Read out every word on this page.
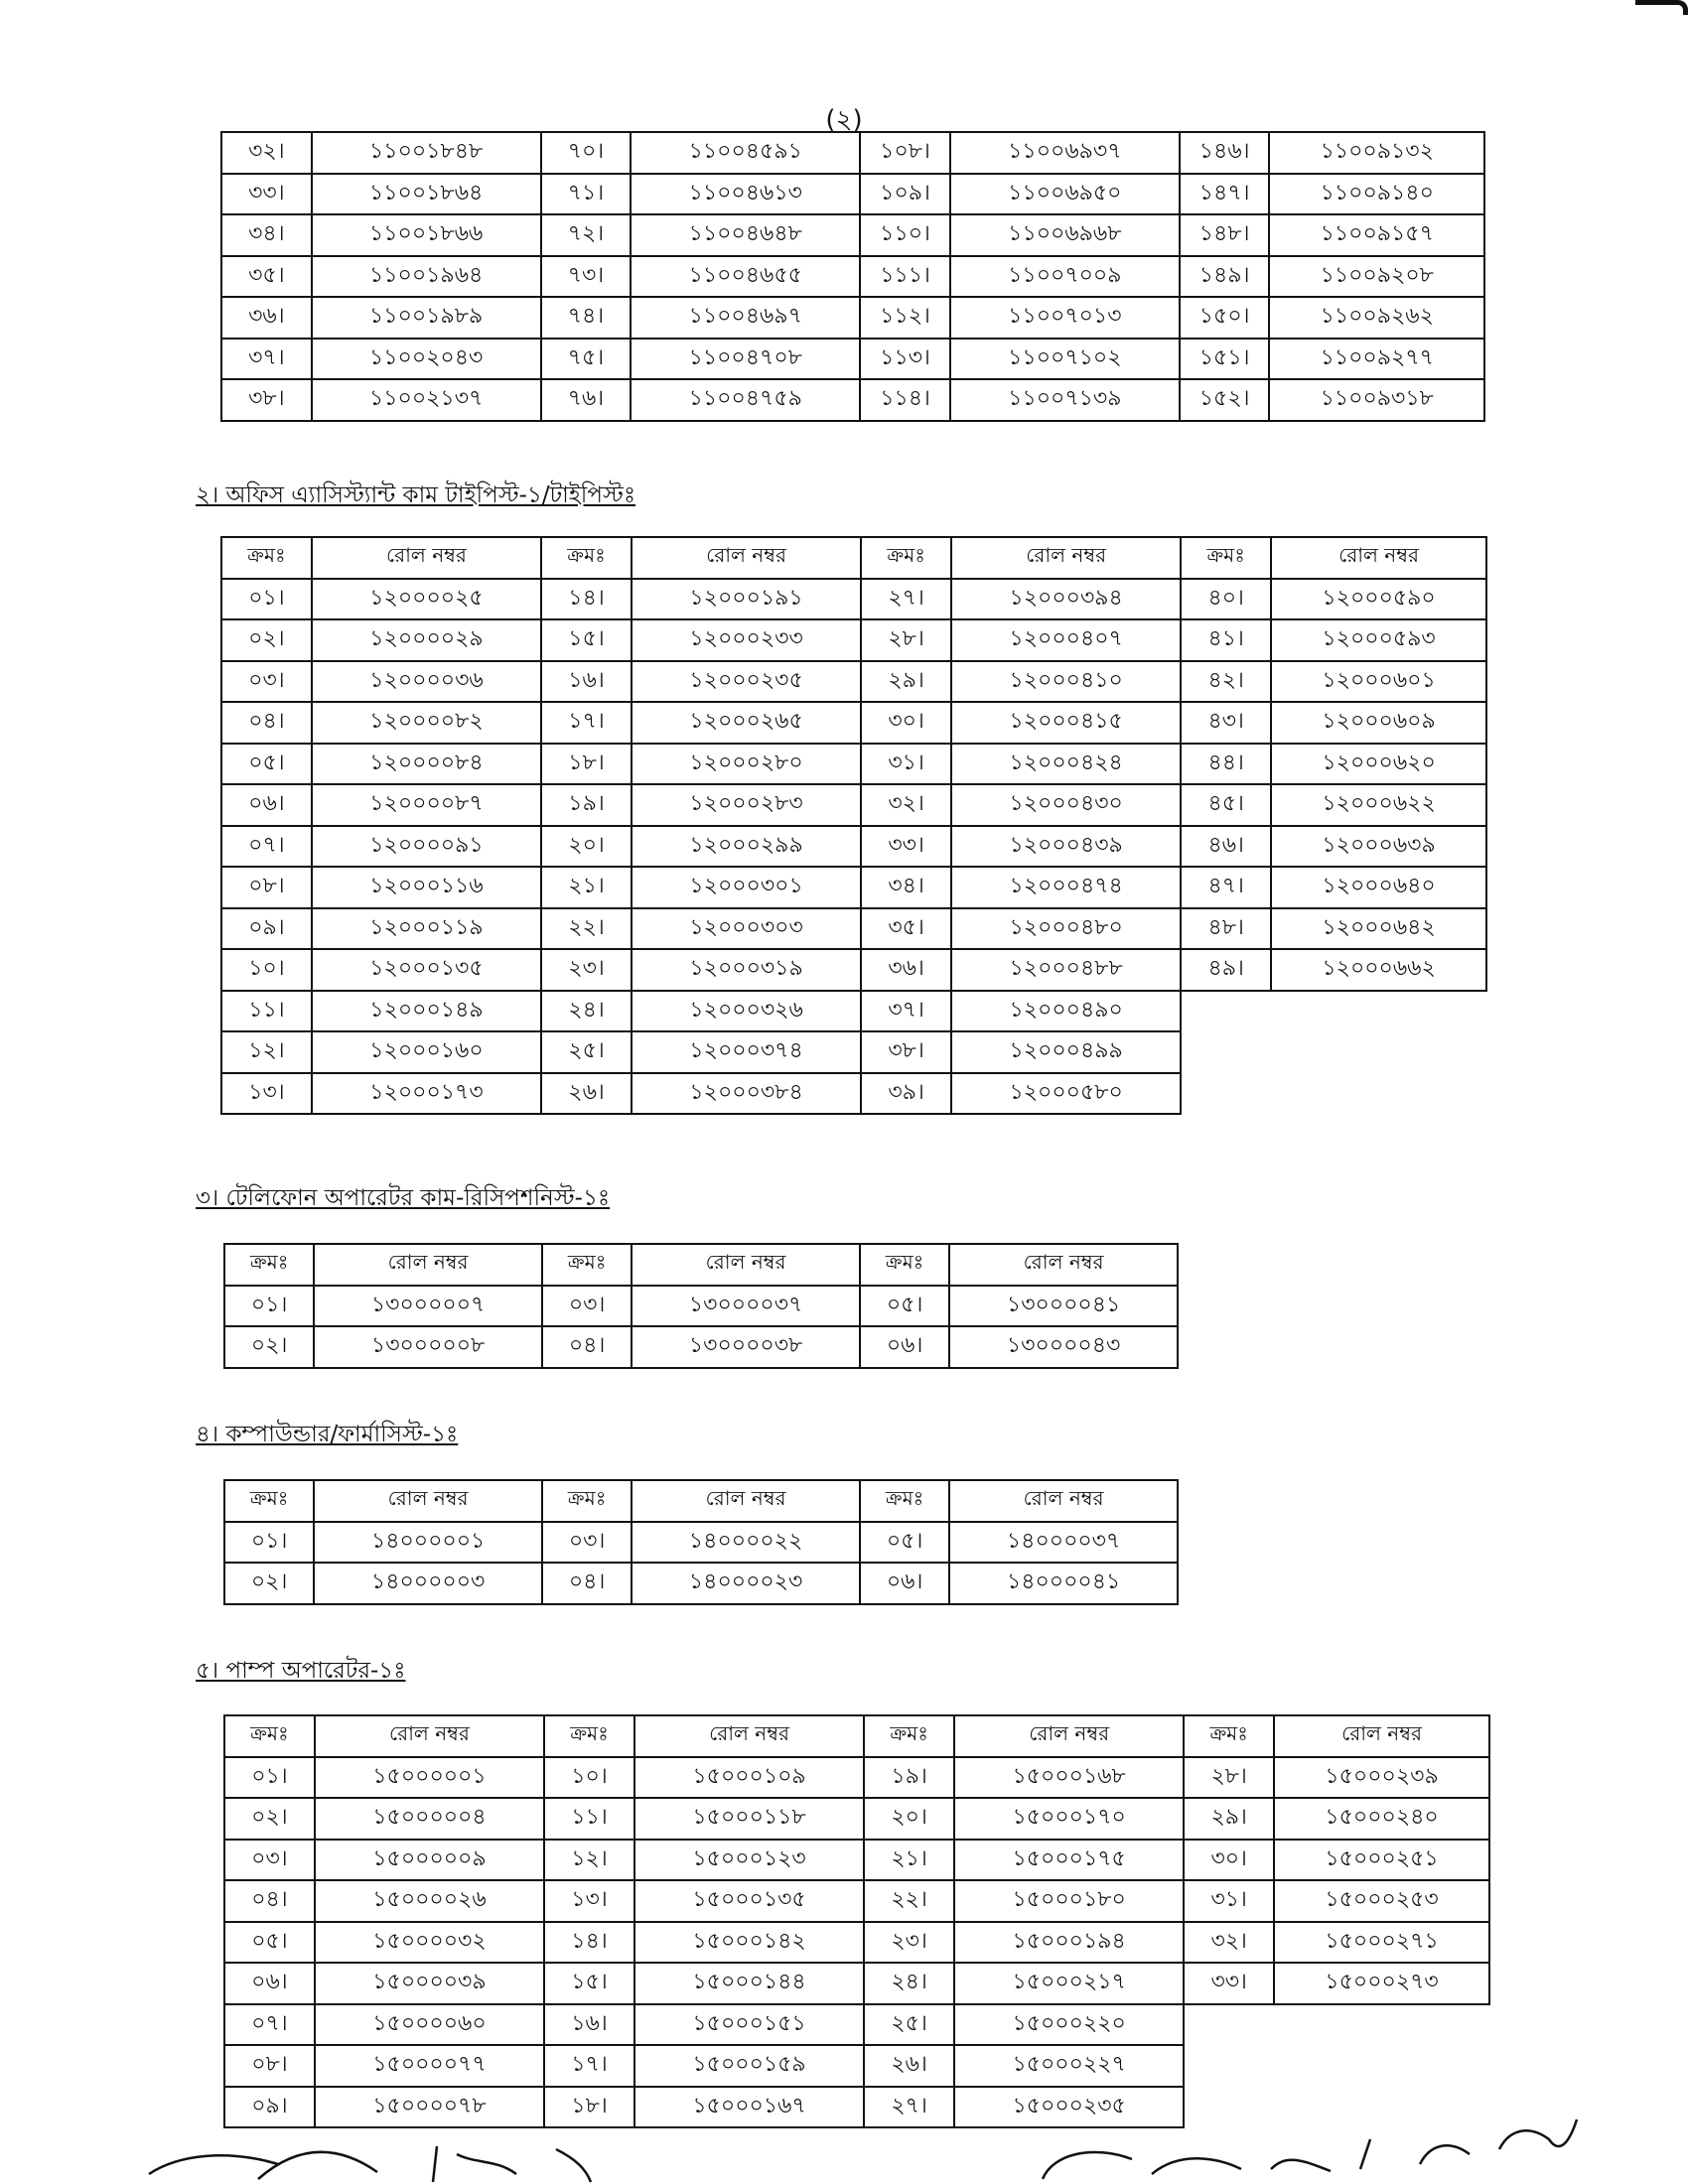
(২)
৩২।	১১০০১৮৪৮	৭০।	১১০০৪৫৯১	১০৮।	১১০০৬৯৩৭	১৪৬।	১১০০৯১৩২
৩৩।	১১০০১৮৬৪	৭১।	১১০০৪৬১৩	১০৯।	১১০০৬৯৫০	১৪৭।	১১০০৯১৪০
৩৪।	১১০০১৮৬৬	৭২।	১১০০৪৬৪৮	১১০।	১১০০৬৯৬৮	১৪৮।	১১০০৯১৫৭
৩৫।	১১০০১৯৬৪	৭৩।	১১০০৪৬৫৫	১১১।	১১০০৭০০৯	১৪৯।	১১০০৯২০৮
৩৬।	১১০০১৯৮৯	৭৪।	১১০০৪৬৯৭	১১২।	১১০০৭০১৩	১৫০।	১১০০৯২৬২
৩৭।	১১০০২০৪৩	৭৫।	১১০০৪৭০৮	১১৩।	১১০০৭১০২	১৫১।	১১০০৯২৭৭
৩৮।	১১০০২১৩৭	৭৬।	১১০০৪৭৫৯	১১৪।	১১০০৭১৩৯	১৫২।	১১০০৯৩১৮
২। অফিস এ্যাসিস্ট্যান্ট কাম টাইপিস্ট-১/টাইপিস্টঃ
ক্রমঃ	রোল নম্বর	ক্রমঃ	রোল নম্বর	ক্রমঃ	রোল নম্বর	ক্রমঃ	রোল নম্বর
০১।	১২০০০০২৫	১৪।	১২০০০১৯১	২৭।	১২০০০৩৯৪	৪০।	১২০০০৫৯০
০২।	১২০০০০২৯	১৫।	১২০০০২৩৩	২৮।	১২০০০৪০৭	৪১।	১২০০০৫৯৩
০৩।	১২০০০০৩৬	১৬।	১২০০০২৩৫	২৯।	১২০০০৪১০	৪২।	১২০০০৬০১
০৪।	১২০০০০৮২	১৭।	১২০০০২৬৫	৩০।	১২০০০৪১৫	৪৩।	১২০০০৬০৯
০৫।	১২০০০০৮৪	১৮।	১২০০০২৮০	৩১।	১২০০০৪২৪	৪৪।	১২০০০৬২০
০৬।	১২০০০০৮৭	১৯।	১২০০০২৮৩	৩২।	১২০০০৪৩০	৪৫।	১২০০০৬২২
০৭।	১২০০০০৯১	২০।	১২০০০২৯৯	৩৩।	১২০০০৪৩৯	৪৬।	১২০০০৬৩৯
০৮।	১২০০০১১৬	২১।	১২০০০৩০১	৩৪।	১২০০০৪৭৪	৪৭।	১২০০০৬৪০
০৯।	১২০০০১১৯	২২।	১২০০০৩০৩	৩৫।	১২০০০৪৮০	৪৮।	১২০০০৬৪২
১০।	১২০০০১৩৫	২৩।	১২০০০৩১৯	৩৬।	১২০০০৪৮৮	৪৯।	১২০০০৬৬২
১১।	১২০০০১৪৯	২৪।	১২০০০৩২৬	৩৭।	১২০০০৪৯০		
১২।	১২০০০১৬০	২৫।	১২০০০৩৭৪	৩৮।	১২০০০৪৯৯		
১৩।	১২০০০১৭৩	২৬।	১২০০০৩৮৪	৩৯।	১২০০০৫৮০		
৩। টেলিফোন অপারেটর কাম-রিসিপশনিস্ট-১ঃ
ক্রমঃ	রোল নম্বর	ক্রমঃ	রোল নম্বর	ক্রমঃ	রোল নম্বর
০১।	১৩০০০০০৭	০৩।	১৩০০০০৩৭	০৫।	১৩০০০০৪১
০২।	১৩০০০০০৮	০৪।	১৩০০০০৩৮	০৬।	১৩০০০০৪৩
৪। কম্পাউন্ডার/ফার্মাসিস্ট-১ঃ
ক্রমঃ	রোল নম্বর	ক্রমঃ	রোল নম্বর	ক্রমঃ	রোল নম্বর
০১।	১৪০০০০০১	০৩।	১৪০০০০২২	০৫।	১৪০০০০৩৭
০২।	১৪০০০০০৩	০৪।	১৪০০০০২৩	০৬।	১৪০০০০৪১
৫। পাম্প অপারেটর-১ঃ
ক্রমঃ	রোল নম্বর	ক্রমঃ	রোল নম্বর	ক্রমঃ	রোল নম্বর	ক্রমঃ	রোল নম্বর
০১।	১৫০০০০০১	১০।	১৫০০০১০৯	১৯।	১৫০০০১৬৮	২৮।	১৫০০০২৩৯
০২।	১৫০০০০০৪	১১।	১৫০০০১১৮	২০।	১৫০০০১৭০	২৯।	১৫০০০২৪০
০৩।	১৫০০০০০৯	১২।	১৫০০০১২৩	২১।	১৫০০০১৭৫	৩০।	১৫০০০২৫১
০৪।	১৫০০০০২৬	১৩।	১৫০০০১৩৫	২২।	১৫০০০১৮০	৩১।	১৫০০০২৫৩
০৫।	১৫০০০০৩২	১৪।	১৫০০০১৪২	২৩।	১৫০০০১৯৪	৩২।	১৫০০০২৭১
০৬।	১৫০০০০৩৯	১৫।	১৫০০০১৪৪	২৪।	১৫০০০২১৭	৩৩।	১৫০০০২৭৩
০৭।	১৫০০০০৬০	১৬।	১৫০০০১৫১	২৫।	১৫০০০২২০		
০৮।	১৫০০০০৭৭	১৭।	১৫০০০১৫৯	২৬।	১৫০০০২২৭		
০৯।	১৫০০০০৭৮	১৮।	১৫০০০১৬৭	২৭।	১৫০০০২৩৫		
